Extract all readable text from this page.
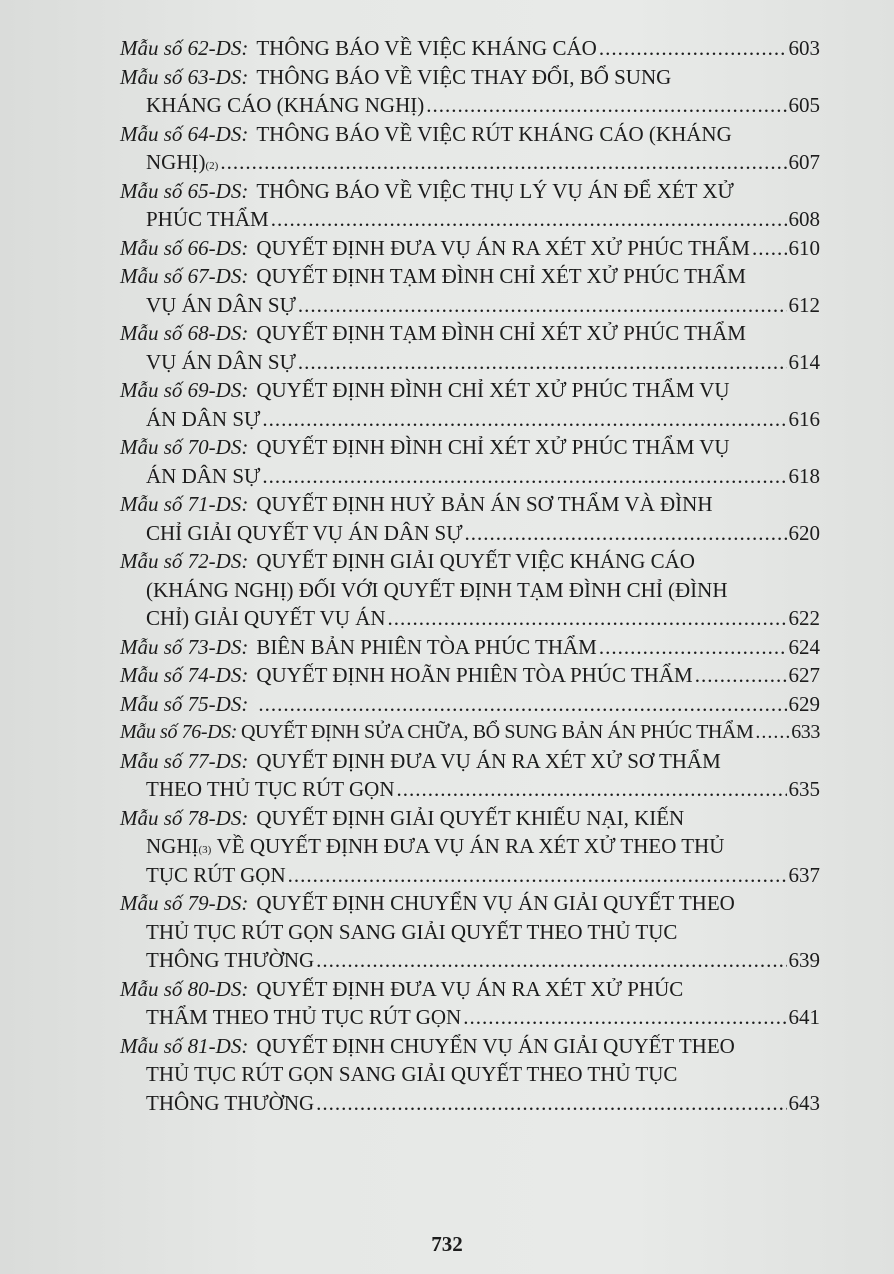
Mẫu số 62-DS: THÔNG BÁO VỀ VIỆC KHÁNG CÁO .....	603
Mẫu số 63-DS: THÔNG BÁO VỀ VIỆC THAY ĐỔI, BỔ SUNG
KHÁNG CÁO (KHÁNG NGHỊ) .....	605
Mẫu số 64-DS: THÔNG BÁO VỀ VIỆC RÚT KHÁNG CÁO (KHÁNG
NGHỊ) (2) .....	607
Mẫu số 65-DS: THÔNG BÁO VỀ VIỆC THỤ LÝ VỤ ÁN ĐỂ XÉT XỬ
PHÚC THẨM .....	608
Mẫu số 66-DS: QUYẾT ĐỊNH ĐƯA VỤ ÁN RA XÉT XỬ PHÚC THẨM ..... 610
Mẫu số 67-DS: QUYẾT ĐỊNH TẠM ĐÌNH CHỈ XÉT XỬ PHÚC THẨM
VỤ ÁN DÂN SỰ .....	612
Mẫu số 68-DS: QUYẾT ĐỊNH TẠM ĐÌNH CHỈ XÉT XỬ PHÚC THẨM
VỤ ÁN DÂN SỰ .....	614
Mẫu số 69-DS: QUYẾT ĐỊNH ĐÌNH CHỈ XÉT XỬ PHÚC THẨM VỤ
ÁN DÂN SỰ .....	616
Mẫu số 70-DS: QUYẾT ĐỊNH ĐÌNH CHỈ XÉT XỬ PHÚC THẨM VỤ
ÁN DÂN SỰ .....	618
Mẫu số 71-DS: QUYẾT ĐỊNH HUỶ BẢN ÁN SƠ THẨM VÀ ĐÌNH
CHỈ GIẢI QUYẾT VỤ ÁN DÂN SỰ .....	620
Mẫu số 72-DS: QUYẾT ĐỊNH GIẢI QUYẾT VIỆC KHÁNG CÁO
(KHÁNG NGHỊ) ĐỐI VỚI QUYẾT ĐỊNH TẠM ĐÌNH CHỈ (ĐÌNH
CHỈ) GIẢI QUYẾT VỤ ÁN .....	622
Mẫu số 73-DS: BIÊN BẢN PHIÊN TÒA PHÚC THẨM .....	624
Mẫu số 74-DS: QUYẾT ĐỊNH HOÃN PHIÊN TÒA PHÚC THẨM .....	627
Mẫu số 75-DS: .....	629
Mẫu số 76-DS: QUYẾT ĐỊNH SỬA CHỮA, BỔ SUNG BẢN ÁN PHÚC THẨM ..... 633
Mẫu số 77-DS: QUYẾT ĐỊNH ĐƯA VỤ ÁN RA XÉT XỬ SƠ THẨM
THEO THỦ TỤC RÚT GỌN .....	635
Mẫu số 78-DS: QUYẾT ĐỊNH GIẢI QUYẾT KHIẾU NẠI, KIẾN
NGHỊ (3)
VỀ QUYẾT ĐỊNH ĐƯA VỤ ÁN RA XÉT XỬ THEO THỦ
TỤC RÚT GỌN .....	637
Mẫu số 79-DS: QUYẾT ĐỊNH CHUYỂN VỤ ÁN GIẢI QUYẾT THEO
THỦ TỤC RÚT GỌN SANG GIẢI QUYẾT THEO THỦ TỤC
THÔNG THƯỜNG .....	639
Mẫu số 80-DS: QUYẾT ĐỊNH ĐƯA VỤ ÁN RA XÉT XỬ PHÚC
THẨM THEO THỦ TỤC RÚT GỌN .....	641
Mẫu số 81-DS: QUYẾT ĐỊNH CHUYỂN VỤ ÁN GIẢI QUYẾT THEO
THỦ TỤC RÚT GỌN SANG GIẢI QUYẾT THEO THỦ TỤC
THÔNG THƯỜNG .....	643
732
